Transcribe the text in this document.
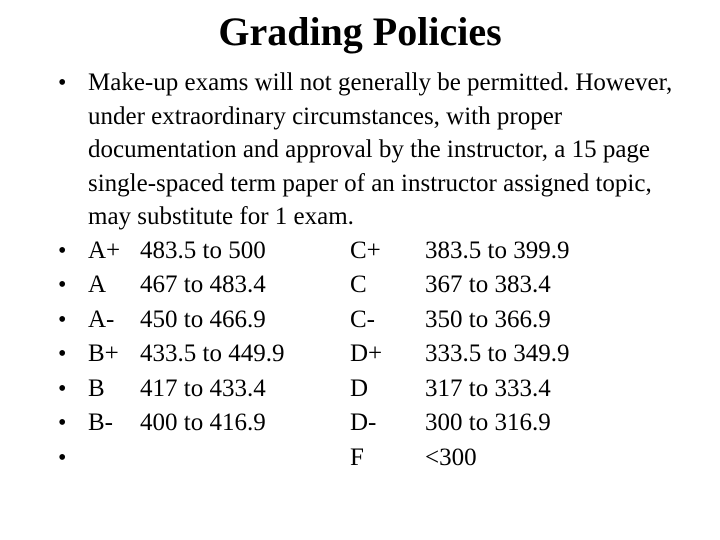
Grading Policies
• Make-up exams will not generally be permitted. However, under extraordinary circumstances, with proper documentation and approval by the instructor, a 15 page single-spaced term paper of an instructor assigned topic, may substitute for 1 exam.
• A+ 483.5 to 500	C+ 383.5 to 399.9
• A 467 to 483.4	C 367 to 383.4
• A- 450 to 466.9	C- 350 to 366.9
• B+ 433.5 to 449.9	D+ 333.5 to 349.9
• B 417 to 433.4	D 317 to 333.4
• B- 400 to 416.9	D- 300 to 316.9
•	F <300
